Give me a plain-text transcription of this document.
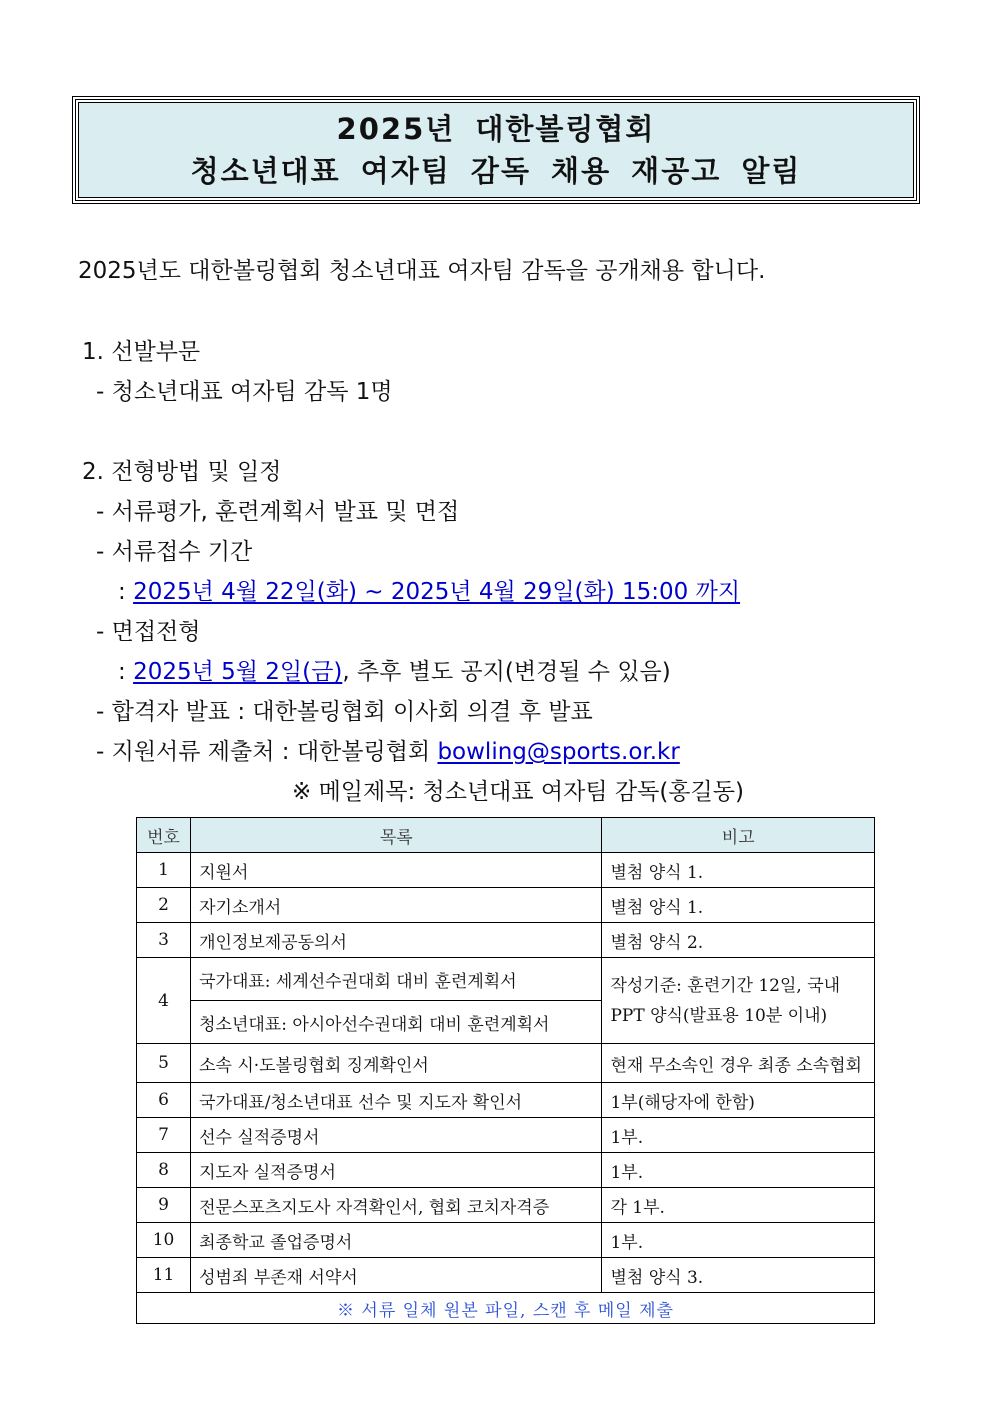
2025년 대한볼링협회
청소년대표 여자팀 감독 채용 재공고 알림
2025년도 대한볼링협회 청소년대표 여자팀 감독을 공개채용 합니다.
1. 선발부문
- 청소년대표 여자팀 감독 1명
2. 전형방법 및 일정
- 서류평가, 훈련계획서 발표 및 면접
- 서류접수 기간
: 2025년 4월 22일(화) ~ 2025년 4월 29일(화) 15:00 까지
- 면접전형
: 2025년 5월 2일(금), 추후 별도 공지(변경될 수 있음)
- 합격자 발표 : 대한볼링협회 이사회 의결 후 발표
- 지원서류 제출처 : 대한볼링협회 bowling@sports.or.kr
※ 메일제목: 청소년대표 여자팀 감독(홍길동)
번호	목록	비고
1	지원서	별첨 양식 1.
2	자기소개서	별첨 양식 1.
3	개인정보제공동의서	별첨 양식 2.
4	국가대표: 세계선수권대회 대비 훈련계획서	작성기준: 훈련기간 12일, 국내 PPT 양식(발표용 10분 이내)
	청소년대표: 아시아선수권대회 대비 훈련계획서	
5	소속 시·도볼링협회 징계확인서	현재 무소속인 경우 최종 소속협회
6	국가대표/청소년대표 선수 및 지도자 확인서	1부(해당자에 한함)
7	선수 실적증명서	1부.
8	지도자 실적증명서	1부.
9	전문스포츠지도사 자격확인서, 협회 코치자격증	각 1부.
10	최종학교 졸업증명서	1부.
11	성범죄 부존재 서약서	별첨 양식 3.
※ 서류 일체 원본 파일, 스캔 후 메일 제출		
